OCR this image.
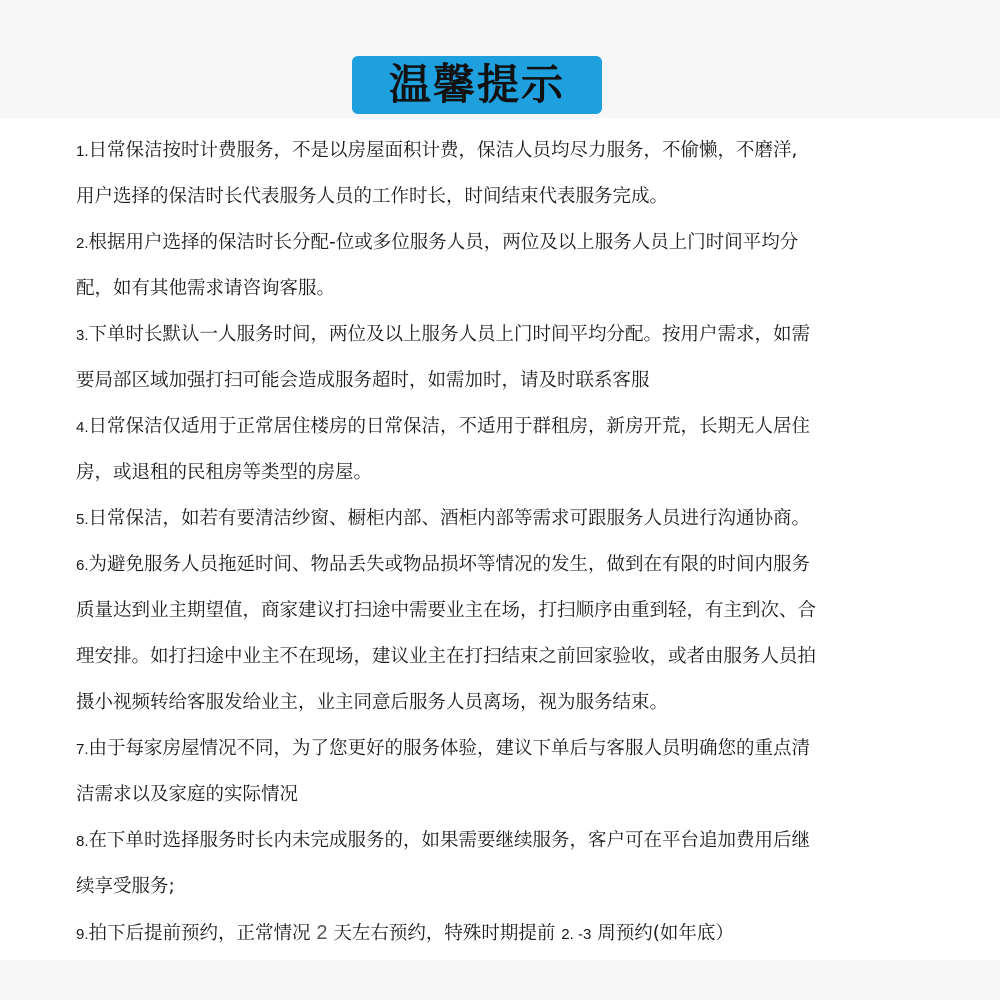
温馨提示
1.日常保洁按时计费服务，不是以房屋面积计费，保洁人员均尽力服务，不偷懒，不磨洋,
用户选择的保洁时长代表服务人员的工作时长，时间结束代表服务完成。
2.根据用户选择的保洁时长分配-位或多位服务人员，两位及以上服务人员上门时间平均分
配，如有其他需求请咨询客服。
3.下单时长默认一人服务时间，两位及以上服务人员上门时间平均分配。按用户需求，如需
要局部区域加强打扫可能会造成服务超时，如需加时，请及时联系客服
4.日常保洁仅适用于正常居住楼房的日常保洁，不适用于群租房，新房开荒，长期无人居住
房，或退租的民租房等类型的房屋。
5.日常保洁，如若有要清洁纱窗、橱柜内部、酒柜内部等需求可跟服务人员进行沟通协商。
6.为避免服务人员拖延时间、物品丢失或物品损坏等情况的发生，做到在有限的时间内服务
质量达到业主期望值，商家建议打扫途中需要业主在场，打扫顺序由重到轻，有主到次、合
理安排。如打扫途中业主不在现场，建议业主在打扫结束之前回家验收，或者由服务人员拍
摄小视频转给客服发给业主，业主同意后服务人员离场，视为服务结束。
7.由于每家房屋情况不同，为了您更好的服务体验，建议下单后与客服人员明确您的重点清
洁需求以及家庭的实际情况
8.在下单时选择服务时长内未完成服务的，如果需要继续服务，客户可在平台追加费用后继
续享受服务;
9.拍下后提前预约，正常情况 2 天左右预约，特殊时期提前 2. -3 周预约(如年底）
